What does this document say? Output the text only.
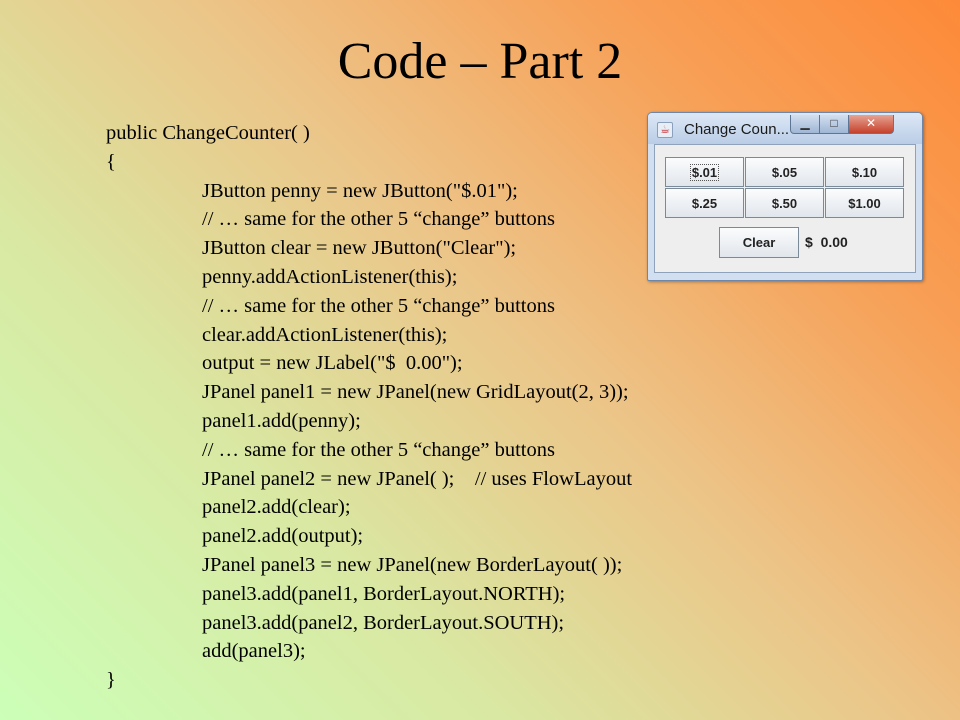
Code – Part 2
public ChangeCounter( )
{
JButton penny = new JButton("$.01");
// … same for the other 5 “change” buttons
JButton clear = new JButton("Clear");
penny.addActionListener(this);
// … same for the other 5 “change” buttons
clear.addActionListener(this);
output = new JLabel("$  0.00");
JPanel panel1 = new JPanel(new GridLayout(2, 3));
panel1.add(penny);
// … same for the other 5 “change” buttons
JPanel panel2 = new JPanel( );    // uses FlowLayout
panel2.add(clear);
panel2.add(output);
JPanel panel3 = new JPanel(new BorderLayout( ));
panel3.add(panel1, BorderLayout.NORTH);
panel3.add(panel2, BorderLayout.SOUTH);
add(panel3);
}
☕ Change Coun... ▁	□	✕
$.01	$.05	$.10
$.25	$.50	$1.00
Clear	$  0.00
